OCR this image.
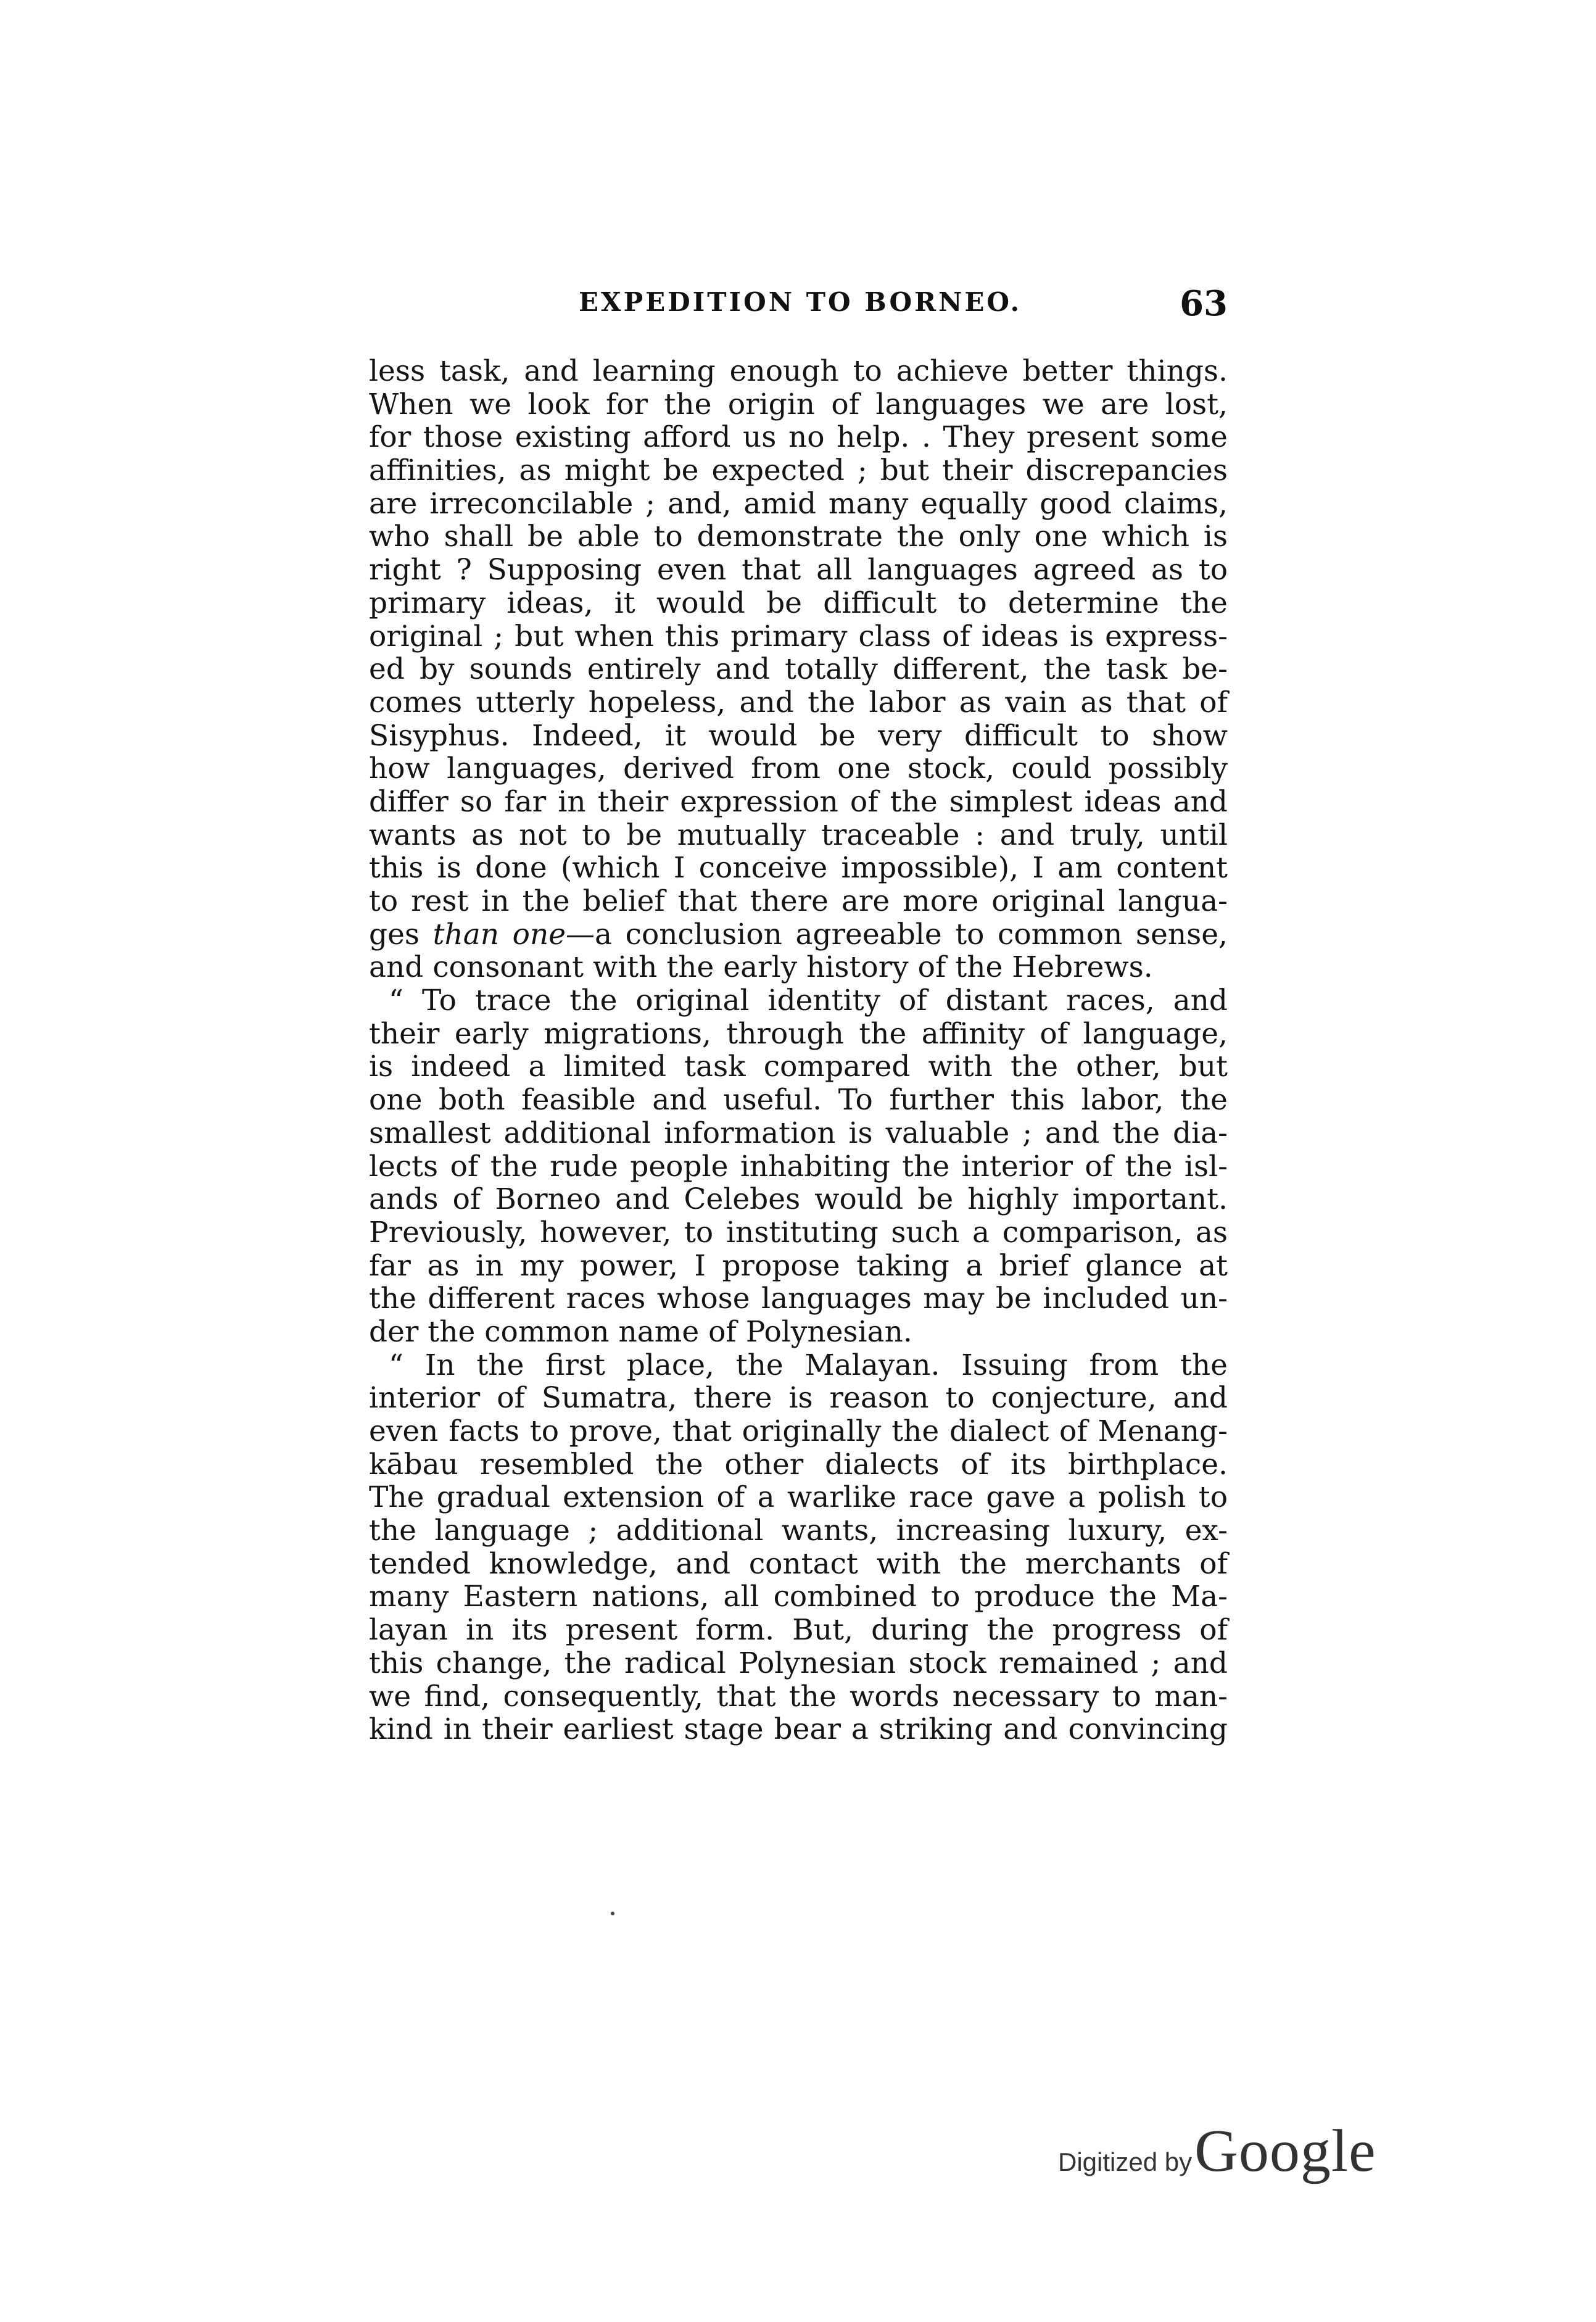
EXPEDITION TO BORNEO.	63
less task, and learning enough to achieve better things.
When we look for the origin of languages we are lost,
for those existing afford us no help. . They present some
affinities, as might be expected ; but their discrepancies
are irreconcilable ; and, amid many equally good claims,
who shall be able to demonstrate the only one which is
right ? Supposing even that all languages agreed as to
primary ideas, it would be difficult to determine the
original ; but when this primary class of ideas is express-
ed by sounds entirely and totally different, the task be-
comes utterly hopeless, and the labor as vain as that of
Sisyphus. Indeed, it would be very difficult to show
how languages, derived from one stock, could possibly
differ so far in their expression of the simplest ideas and
wants as not to be mutually traceable : and truly, until
this is done (which I conceive impossible), I am content
to rest in the belief that there are more original langua-
ges than one—a conclusion agreeable to common sense,
and consonant with the early history of the Hebrews.
“ To trace the original identity of distant races, and
their early migrations, through the affinity of language,
is indeed a limited task compared with the other, but
one both feasible and useful. To further this labor, the
smallest additional information is valuable ; and the dia-
lects of the rude people inhabiting the interior of the isl-
ands of Borneo and Celebes would be highly important.
Previously, however, to instituting such a comparison, as
far as in my power, I propose taking a brief glance at
the different races whose languages may be included un-
der the common name of Polynesian.
“ In the first place, the Malayan. Issuing from the
interior of Sumatra, there is reason to conjecture, and
even facts to prove, that originally the dialect of Menang-
kābau resembled the other dialects of its birthplace.
The gradual extension of a warlike race gave a polish to
the language ; additional wants, increasing luxury, ex-
tended knowledge, and contact with the merchants of
many Eastern nations, all combined to produce the Ma-
layan in its present form. But, during the progress of
this change, the radical Polynesian stock remained ; and
we find, consequently, that the words necessary to man-
kind in their earliest stage bear a striking and convincing
Digitized by Google
